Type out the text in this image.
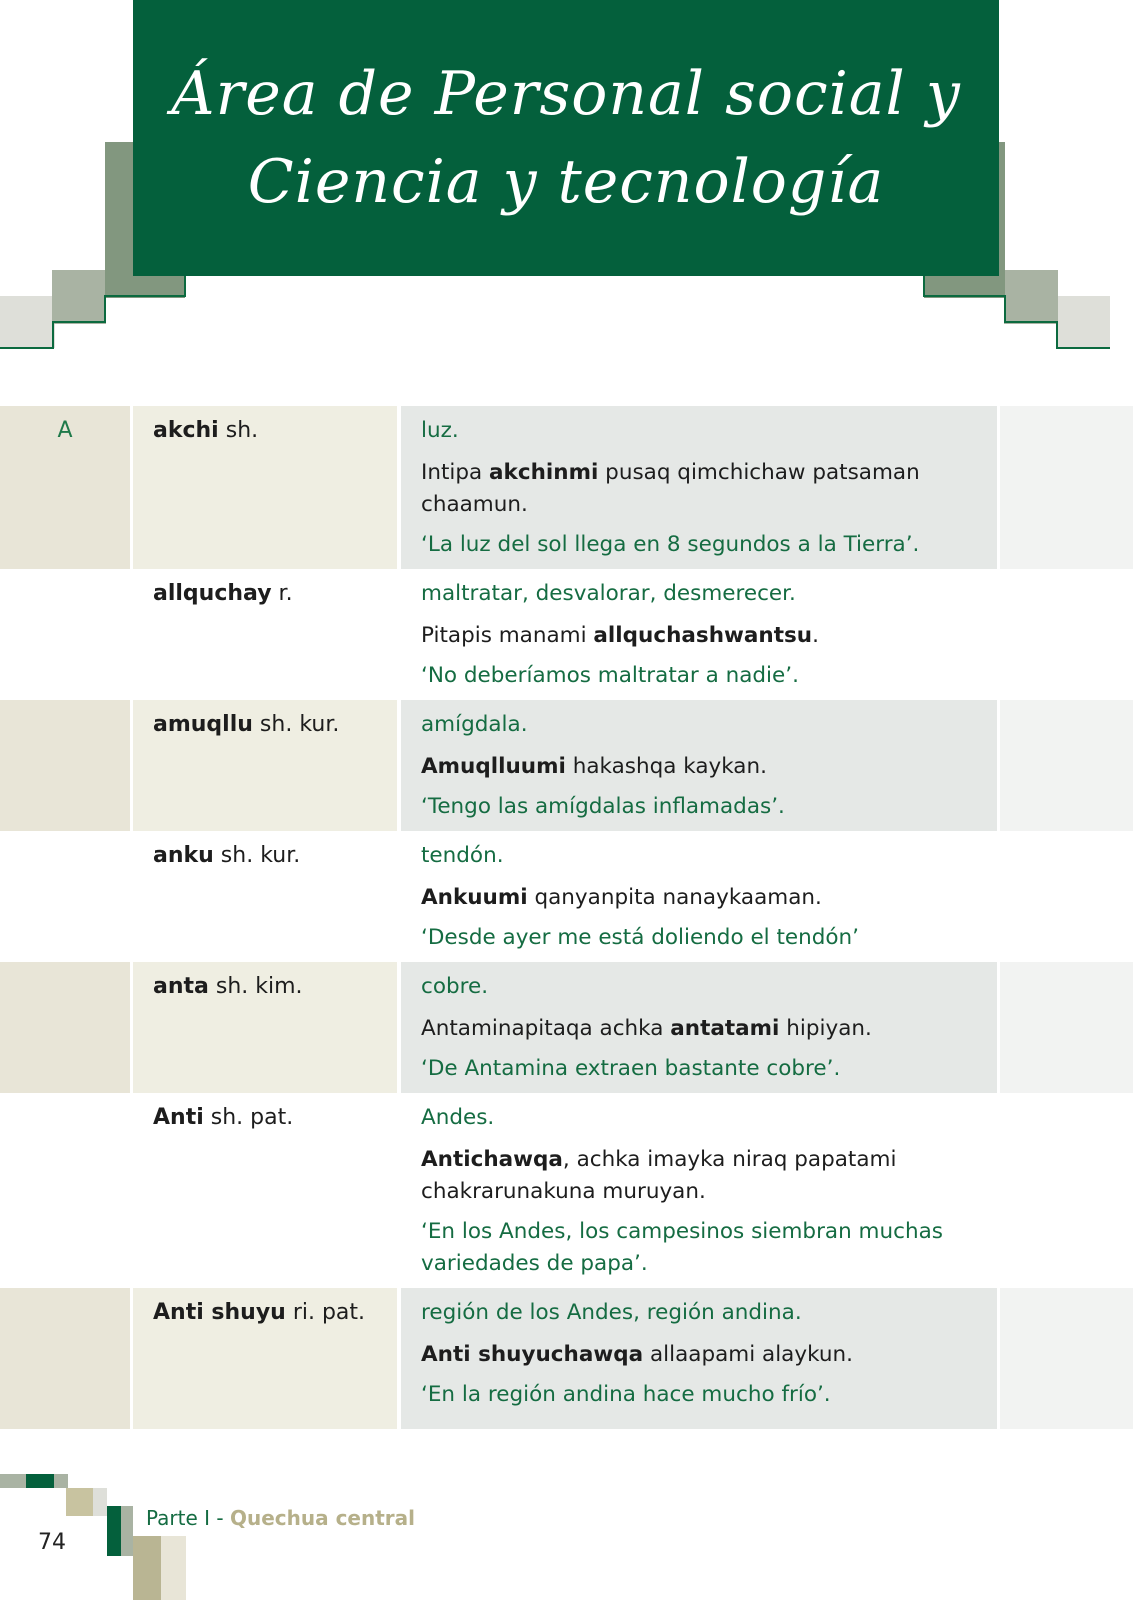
Área de Personal social y
Ciencia y tecnología
A	akchi sh.	luz.
Intipa akchinmi pusaq qimchichaw patsaman chaamun.
‘La luz del sol llega en 8 segundos a la Tierra’.
allquchay r.	maltratar, desvalorar, desmerecer.
Pitapis manami allquchashwantsu.
‘No deberíamos maltratar a nadie’.
amuqllu sh. kur.	amígdala.
Amuqlluumi hakashqa kaykan.
‘Tengo las amígdalas inflamadas’.
anku sh. kur.	tendón.
Ankuumi qanyanpita nanaykaaman.
‘Desde ayer me está doliendo el tendón’
anta sh. kim.	cobre.
Antaminapitaqa achka antatami hipiyan.
‘De Antamina extraen bastante cobre’.
Anti sh. pat.	Andes.
Antichawqa, achka imayka niraq papatami chakrarunakuna muruyan.
‘En los Andes, los campesinos siembran muchas variedades de papa’.
Anti shuyu ri. pat.	región de los Andes, región andina.
Anti shuyuchawqa allaapami alaykun.
‘En la región andina hace mucho frío’.
74
Parte I - Quechua central
